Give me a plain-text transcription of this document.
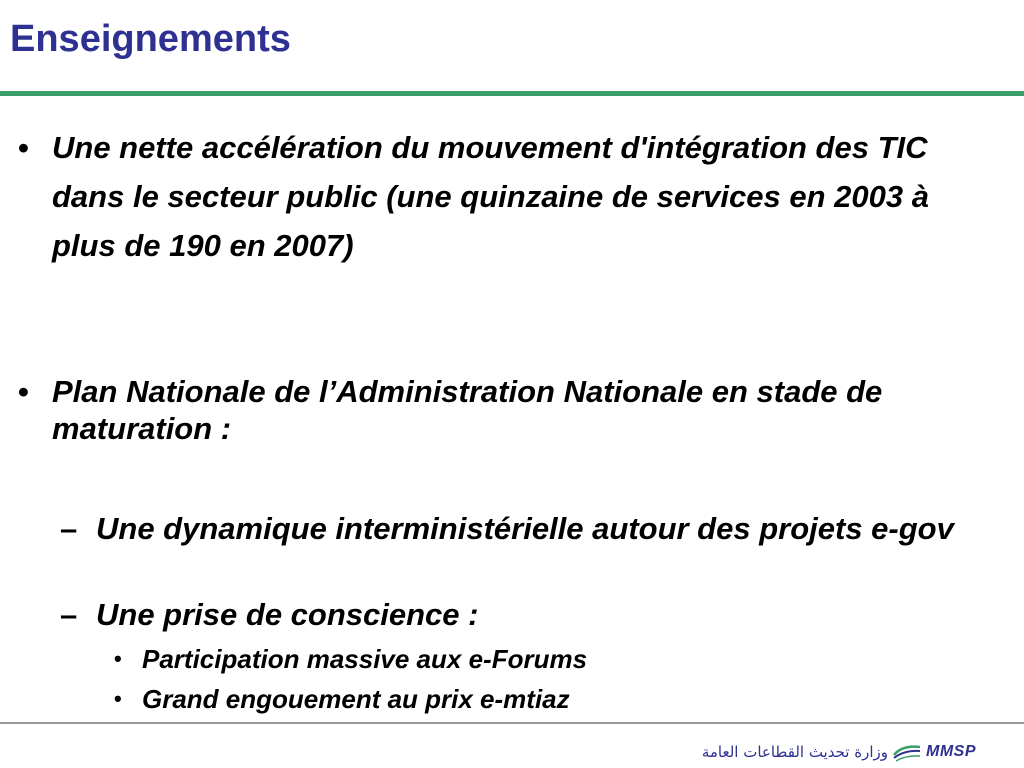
Enseignements
• Une nette accélération du mouvement d'intégration des TIC dans le secteur public (une quinzaine de services en 2003 à plus de 190 en 2007)
• Plan Nationale de l’Administration Nationale en stade de maturation :
– Une dynamique interministérielle autour des projets e-gov
– Une prise de conscience :
• Participation massive aux e-Forums
• Grand engouement au prix e-mtiaz
وزارة تحديث القطاعات العامة MMSP
